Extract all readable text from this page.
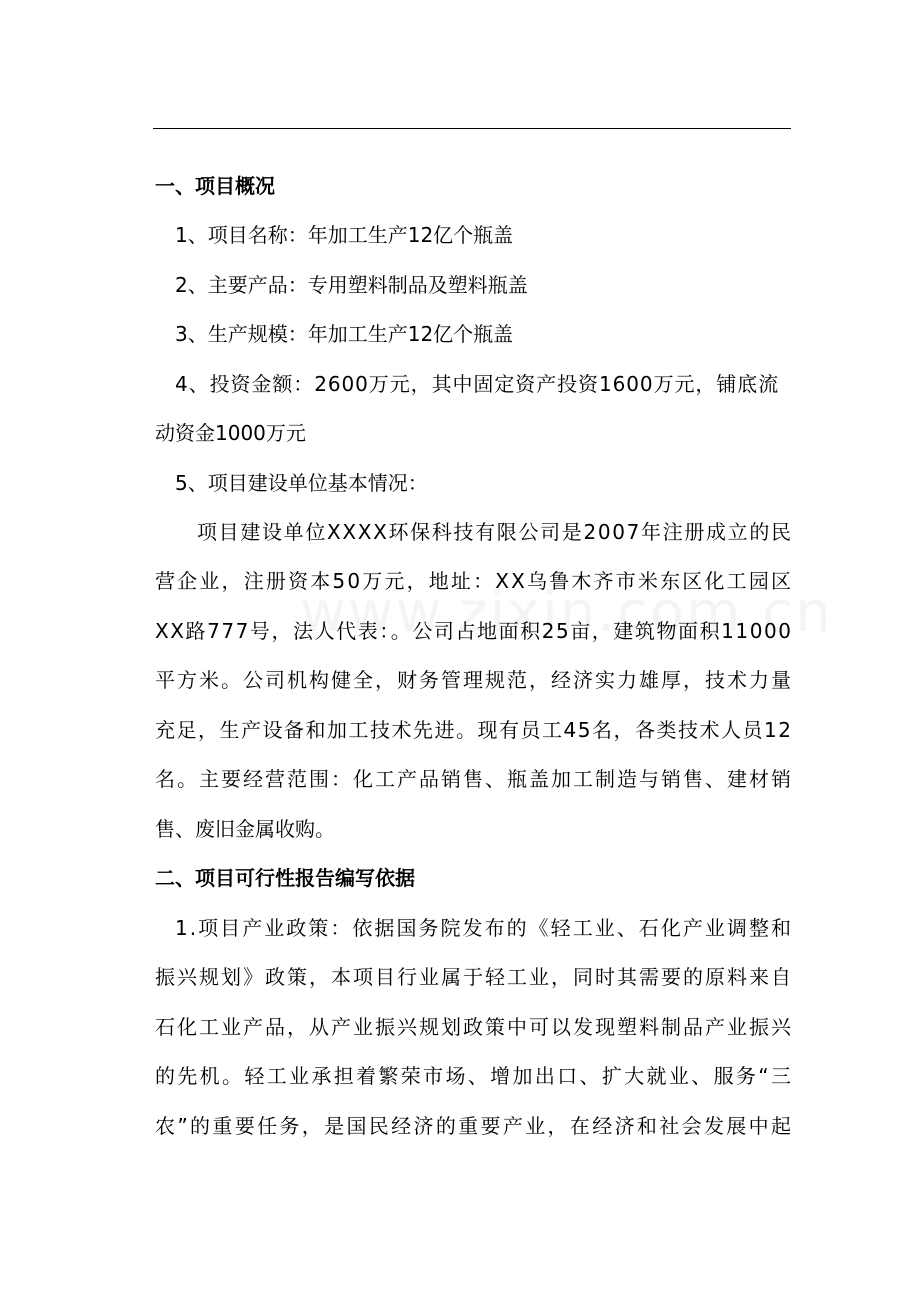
一、项目概况
1、项目名称：年加工生产12亿个瓶盖
2、主要产品：专用塑料制品及塑料瓶盖
3、生产规模：年加工生产12亿个瓶盖
4、投资金额：2600万元，其中固定资产投资1600万元，铺底流
动资金1000万元
5、项目建设单位基本情况：
项目建设单位XXXX环保科技有限公司是2007年注册成立的民
营企业，注册资本50万元，地址：XX乌鲁木齐市米东区化工园区
XX路777号，法人代表：。公司占地面积25亩，建筑物面积11000
平方米。公司机构健全，财务管理规范，经济实力雄厚，技术力量
充足，生产设备和加工技术先进。现有员工45名，各类技术人员12
名。主要经营范围：化工产品销售、瓶盖加工制造与销售、建材销
售、废旧金属收购。
二、项目可行性报告编写依据
1.项目产业政策：依据国务院发布的《轻工业、石化产业调整和
振兴规划》政策，本项目行业属于轻工业，同时其需要的原料来自
石化工业产品，从产业振兴规划政策中可以发现塑料制品产业振兴
的先机。轻工业承担着繁荣市场、增加出口、扩大就业、服务“三
农”的重要任务，是国民经济的重要产业，在经济和社会发展中起
